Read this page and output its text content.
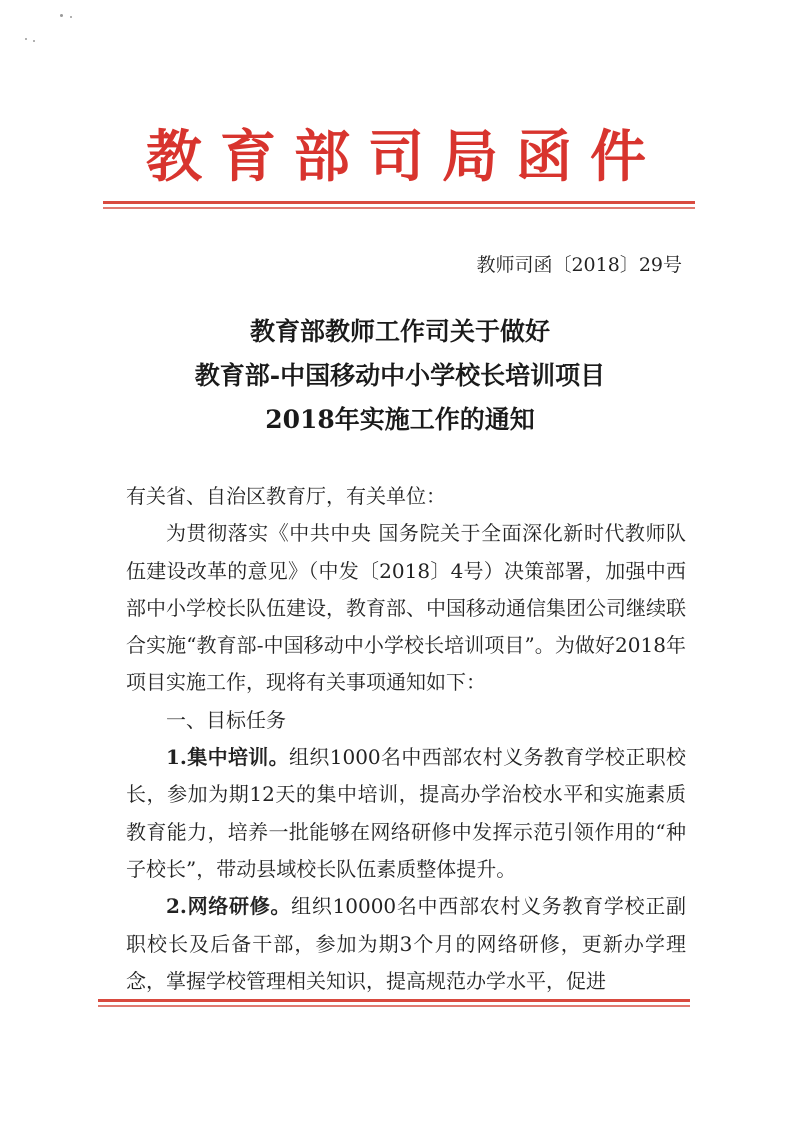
教育部司局函件
教师司函〔2018〕29号
教育部教师工作司关于做好
教育部-中国移动中小学校长培训项目
2018年实施工作的通知

有关省、自治区教育厅，有关单位：

为贯彻落实《中共中央 国务院关于全面深化新时代教师队伍建设改革的意见》（中发〔2018〕4号）决策部署，加强中西部中小学校长队伍建设，教育部、中国移动通信集团公司继续联合实施“教育部-中国移动中小学校长培训项目”。为做好2018年项目实施工作，现将有关事项通知如下：

一、目标任务

1.集中培训。组织1000名中西部农村义务教育学校正职校长，参加为期12天的集中培训，提高办学治校水平和实施素质教育能力，培养一批能够在网络研修中发挥示范引领作用的“种子校长”，带动县域校长队伍素质整体提升。

2.网络研修。组织10000名中西部农村义务教育学校正副职校长及后备干部，参加为期3个月的网络研修，更新办学理念，掌握学校管理相关知识，提高规范办学水平，促进
